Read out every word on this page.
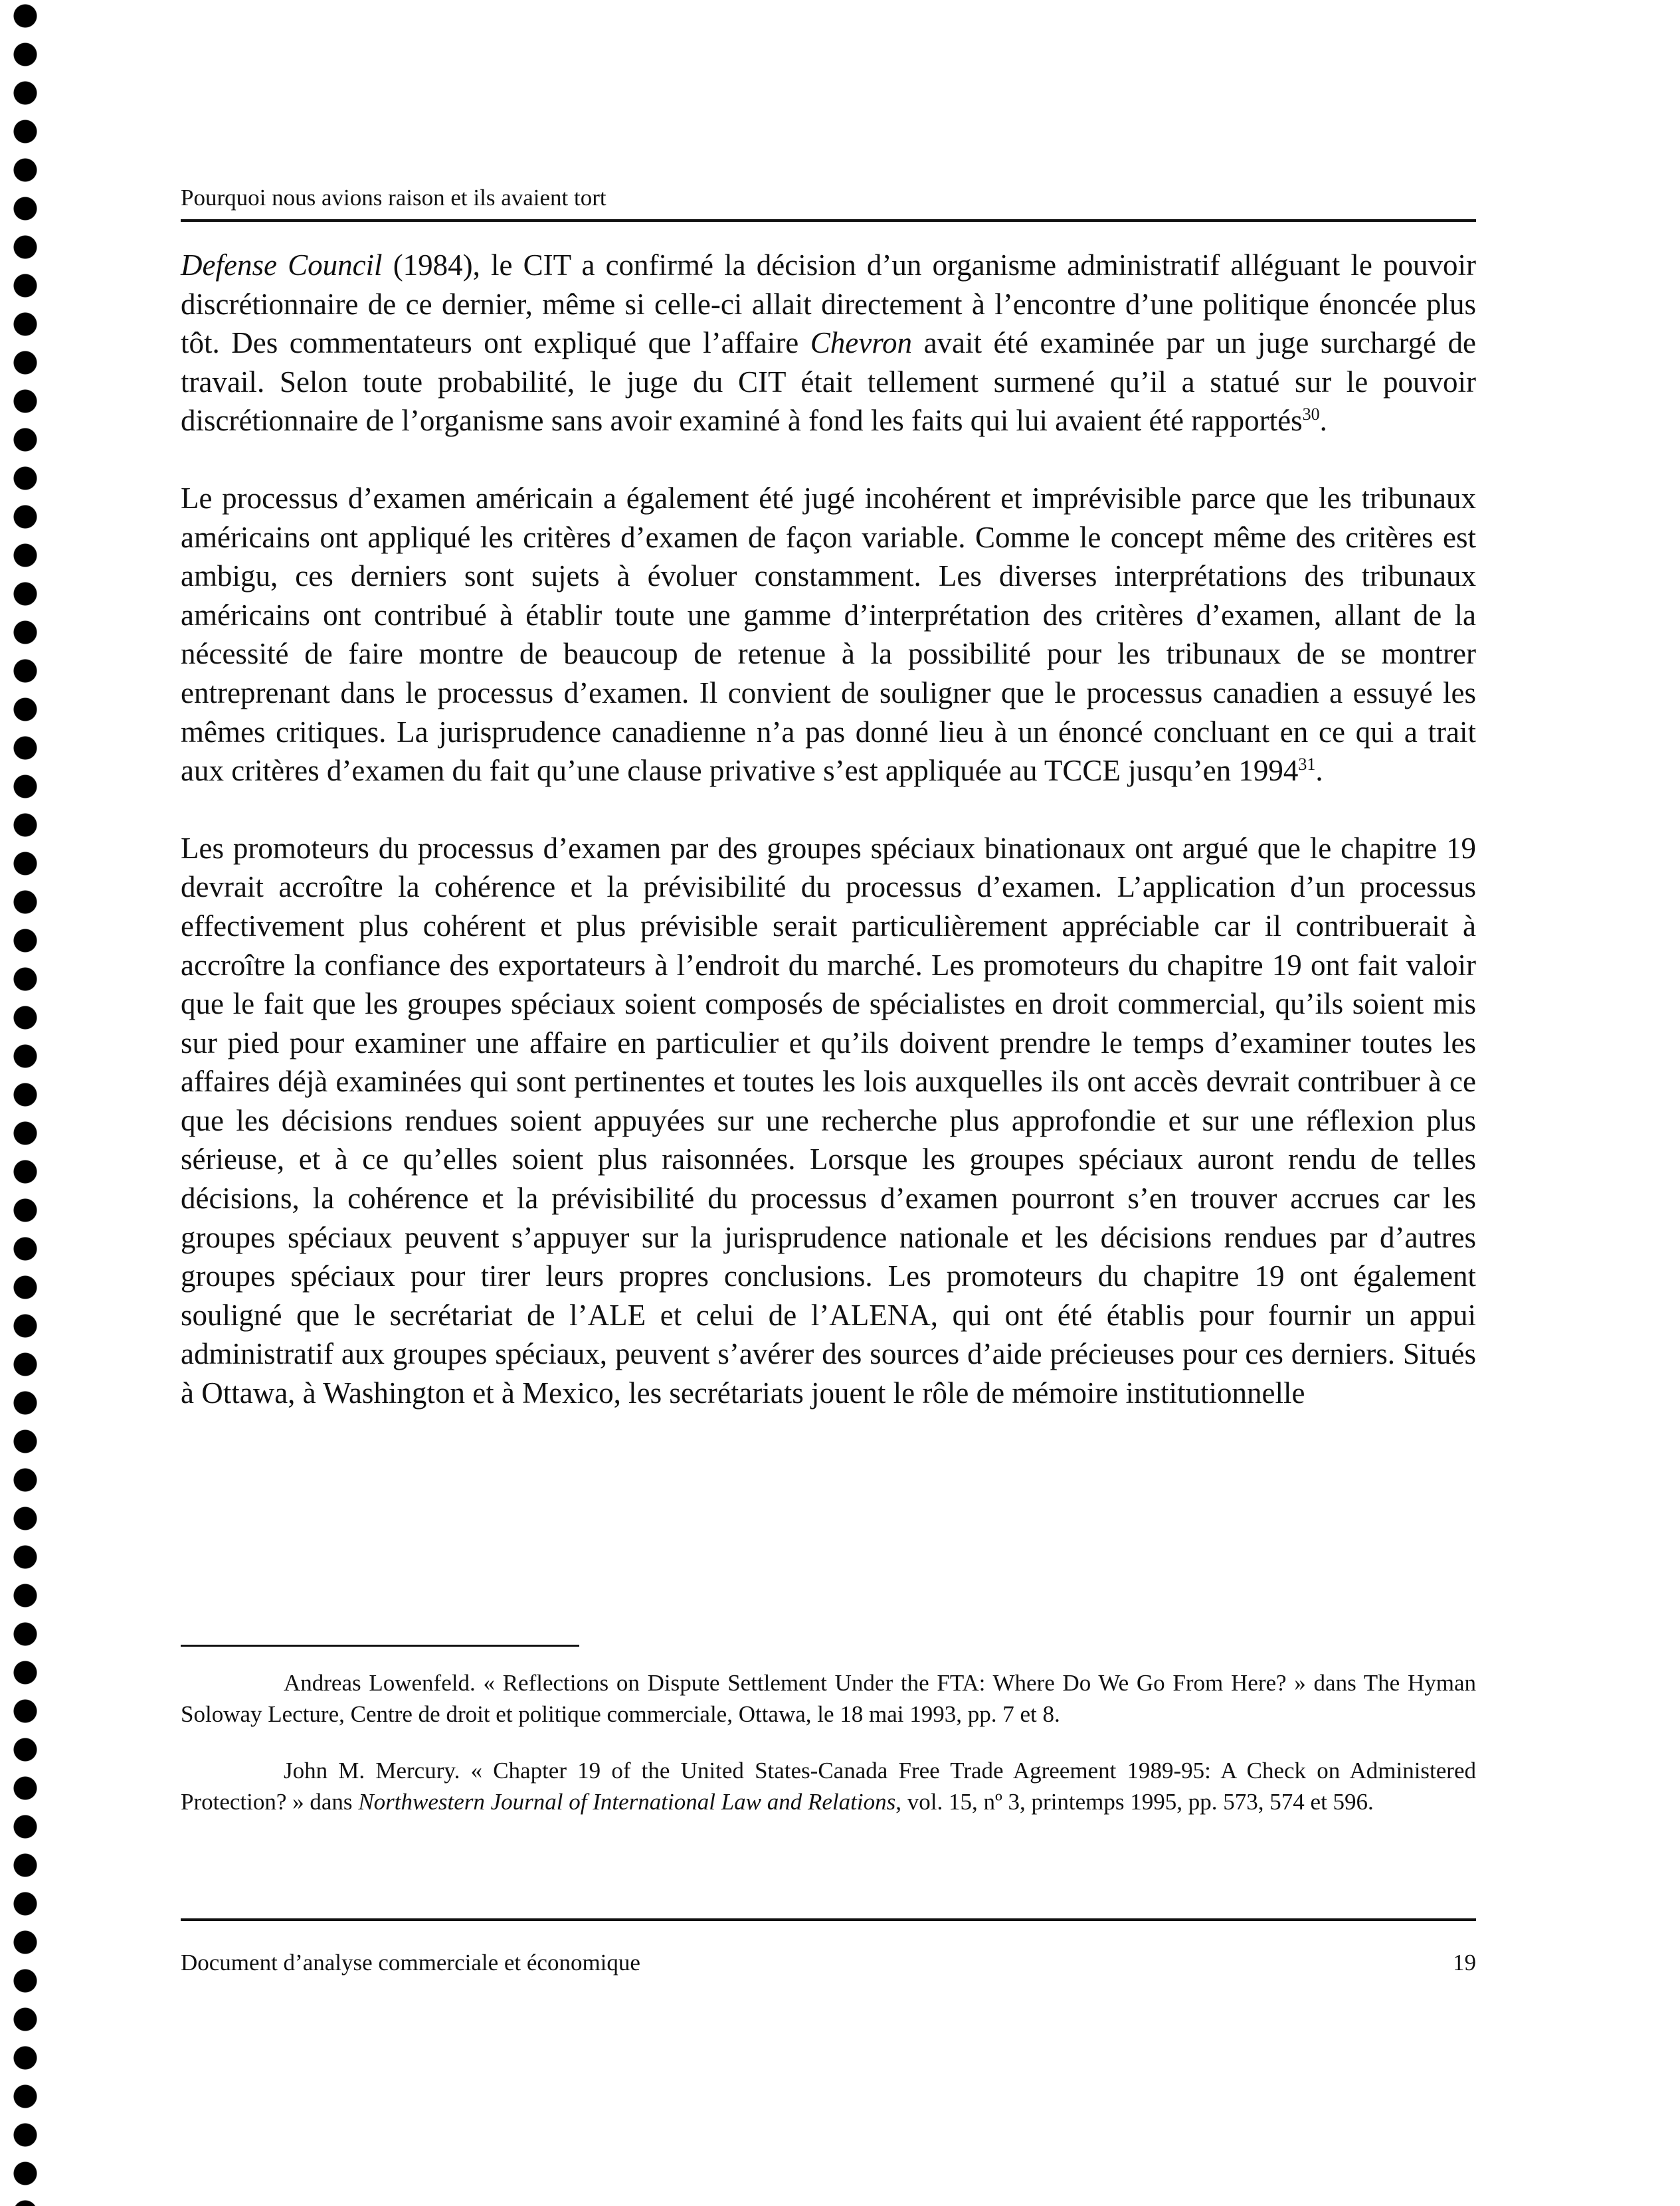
Pourquoi nous avions raison et ils avaient tort

Defense Council (1984), le CIT a confirmé la décision d’un organisme administratif alléguant le pouvoir discrétionnaire de ce dernier, même si celle-ci allait directement à l’encontre d’une politique énoncée plus tôt. Des commentateurs ont expliqué que l’affaire Chevron avait été examinée par un juge surchargé de travail. Selon toute probabilité, le juge du CIT était tellement surmené qu’il a statué sur le pouvoir discrétionnaire de l’organisme sans avoir examiné à fond les faits qui lui avaient été rapportés$^{30}$.

Le processus d’examen américain a également été jugé incohérent et imprévisible parce que les tribunaux américains ont appliqué les critères d’examen de façon variable. Comme le concept même des critères est ambigu, ces derniers sont sujets à évoluer constamment. Les diverses interprétations des tribunaux américains ont contribué à établir toute une gamme d’interprétation des critères d’examen, allant de la nécessité de faire montre de beaucoup de retenue à la possibilité pour les tribunaux de se montrer entreprenant dans le processus d’examen. Il convient de souligner que le processus canadien a essuyé les mêmes critiques. La jurisprudence canadienne n’a pas donné lieu à un énoncé concluant en ce qui a trait aux critères d’examen du fait qu’une clause privative s’est appliquée au TCCE jusqu’en 1994$^{31}$.

Les promoteurs du processus d’examen par des groupes spéciaux binationaux ont argué que le chapitre 19 devrait accroître la cohérence et la prévisibilité du processus d’examen. L’application d’un processus effectivement plus cohérent et plus prévisible serait particulièrement appréciable car il contribuerait à accroître la confiance des exportateurs à l’endroit du marché. Les promoteurs du chapitre 19 ont fait valoir que le fait que les groupes spéciaux soient composés de spécialistes en droit commercial, qu’ils soient mis sur pied pour examiner une affaire en particulier et qu’ils doivent prendre le temps d’examiner toutes les affaires déjà examinées qui sont pertinentes et toutes les lois auxquelles ils ont accès devrait contribuer à ce que les décisions rendues soient appuyées sur une recherche plus approfondie et sur une réflexion plus sérieuse, et à ce qu’elles soient plus raisonnées. Lorsque les groupes spéciaux auront rendu de telles décisions, la cohérence et la prévisibilité du processus d’examen pourront s’en trouver accrues car les groupes spéciaux peuvent s’appuyer sur la jurisprudence nationale et les décisions rendues par d’autres groupes spéciaux pour tirer leurs propres conclusions. Les promoteurs du chapitre 19 ont également souligné que le secrétariat de l’ALE et celui de l’ALENA, qui ont été établis pour fournir un appui administratif aux groupes spéciaux, peuvent s’avérer des sources d’aide précieuses pour ces derniers. Situés à Ottawa, à Washington et à Mexico, les secrétariats jouent le rôle de mémoire institutionnelle

Andreas Lowenfeld. « Reflections on Dispute Settlement Under the FTA: Where Do We Go From Here? » dans The Hyman Soloway Lecture, Centre de droit et politique commerciale, Ottawa, le 18 mai 1993, pp. 7 et 8.

John M. Mercury. « Chapter 19 of the United States-Canada Free Trade Agreement 1989-95: A Check on Administered Protection? » dans Northwestern Journal of International Law and Relations, vol. 15, nº 3, printemps 1995, pp. 573, 574 et 596.

Document d’analyse commerciale et économique	19
